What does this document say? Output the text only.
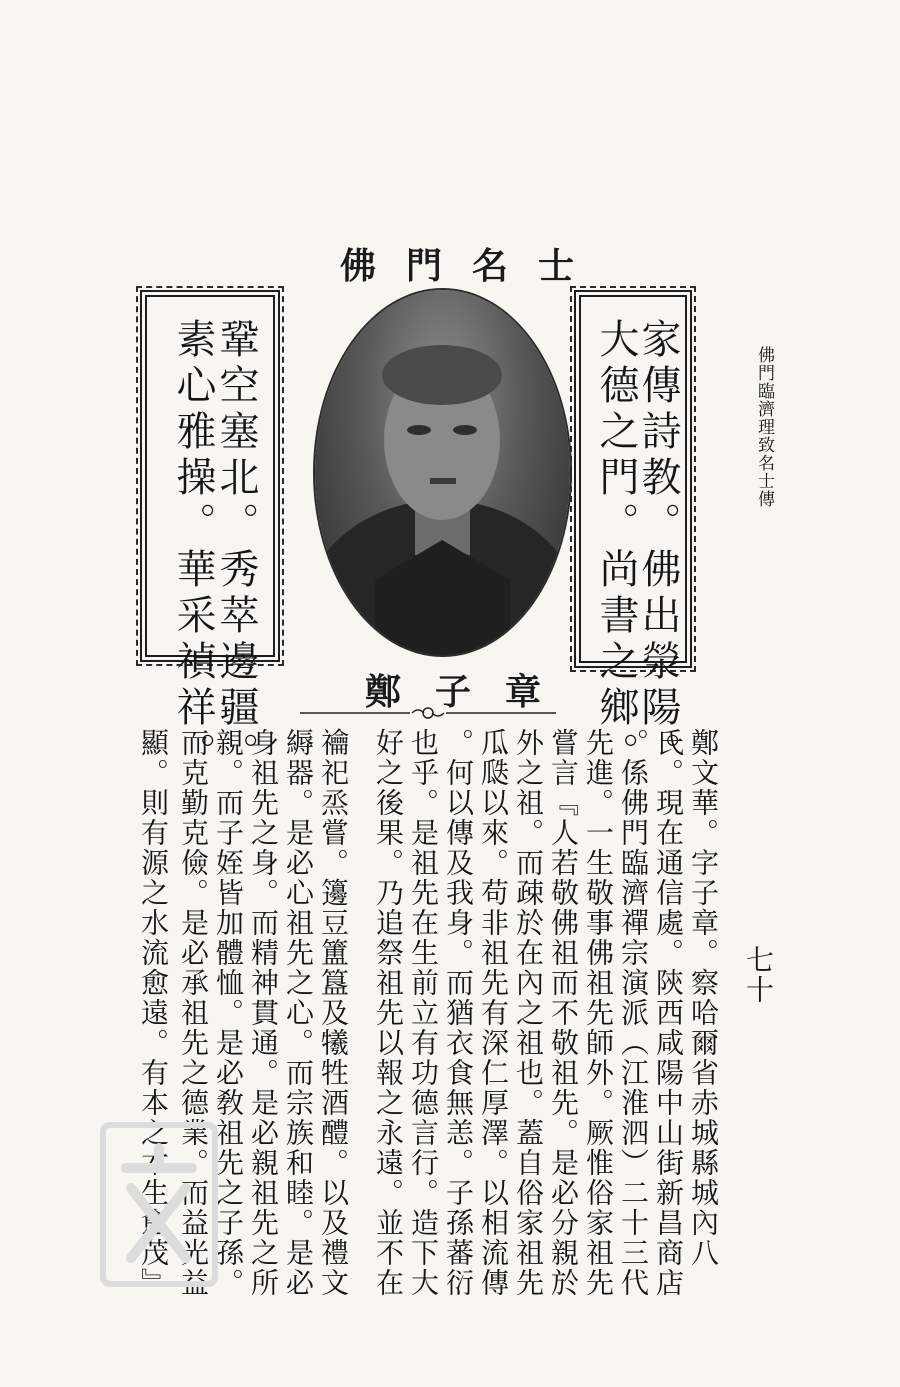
佛門臨濟理致名士傳
佛門名士
家傳詩教。佛出滎陽。
大德之門。尚書之鄉。
鞏空塞北。秀萃邊疆。
素心雅操。華采禎祥。	鄭子章
七十
鄭文華。字子章。察哈爾省赤城縣城內八
氏。現在通信處。陝西咸陽中山街新昌商店
。係佛門臨濟禪宗演派（江淮泗）二十三代
先進。一生敬事佛祖先師外。厥惟俗家祖先
嘗言『人若敬佛祖而不敬祖先。是必分親於
外之祖。而疎於在內之祖也。蓋自俗家祖先
瓜瓞以來。苟非祖先有深仁厚澤。以相流傳
。何以傳及我身。而猶衣食無恙。子孫蕃衍
也乎。是祖先在生前立有功德言行。造下大
好之後果。乃追祭祖先以報之永遠。並不在
禴祀烝嘗。籩豆簠簋及犧牲酒醴。以及禮文
縟器。是必心祖先之心。而宗族和睦。是必
身祖先之身。而精神貫通。是必親祖先之所
親。而子姪皆加體恤。是必敎祖先之子孫。
而克勤克儉。是必承祖先之德業。而益光益
顯。則有源之水流愈遠。有本之木生愈茂』
